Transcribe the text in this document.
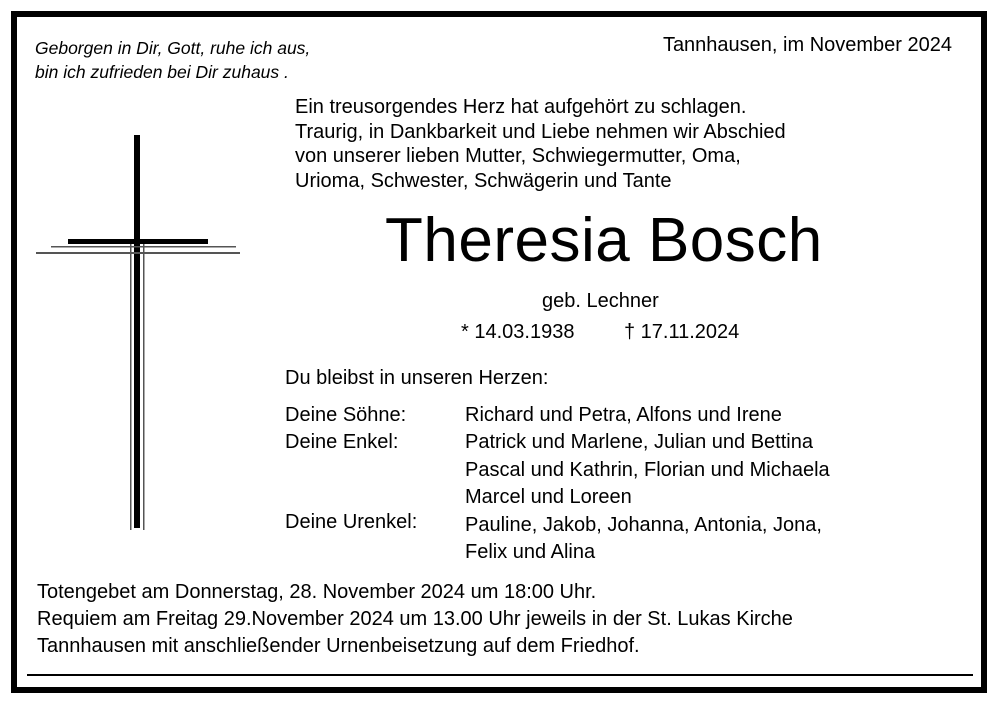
Geborgen in Dir, Gott, ruhe ich aus,
bin ich zufrieden bei Dir zuhaus .
Tannhausen, im November 2024
Ein treusorgendes Herz hat aufgehört zu schlagen.
Traurig, in Dankbarkeit und Liebe nehmen wir Abschied
von unserer lieben Mutter, Schwiegermutter, Oma,
Urioma, Schwester, Schwägerin und Tante
Theresia Bosch
geb. Lechner
* 14.03.1938 † 17.11.2024
Du bleibst in unseren Herzen:
Deine Söhne:	Richard und Petra, Alfons und Irene
Deine Enkel:	Patrick und Marlene, Julian und Bettina
Pascal und Kathrin, Florian und Michaela
Marcel und Loreen
Deine Urenkel: Pauline, Jakob, Johanna, Antonia, Jona,
Felix und Alina
Totengebet am Donnerstag, 28. November 2024 um 18:00 Uhr.
Requiem am Freitag 29.November 2024 um 13.00 Uhr jeweils in der St. Lukas Kirche
Tannhausen mit anschließender Urnenbeisetzung auf dem Friedhof.
